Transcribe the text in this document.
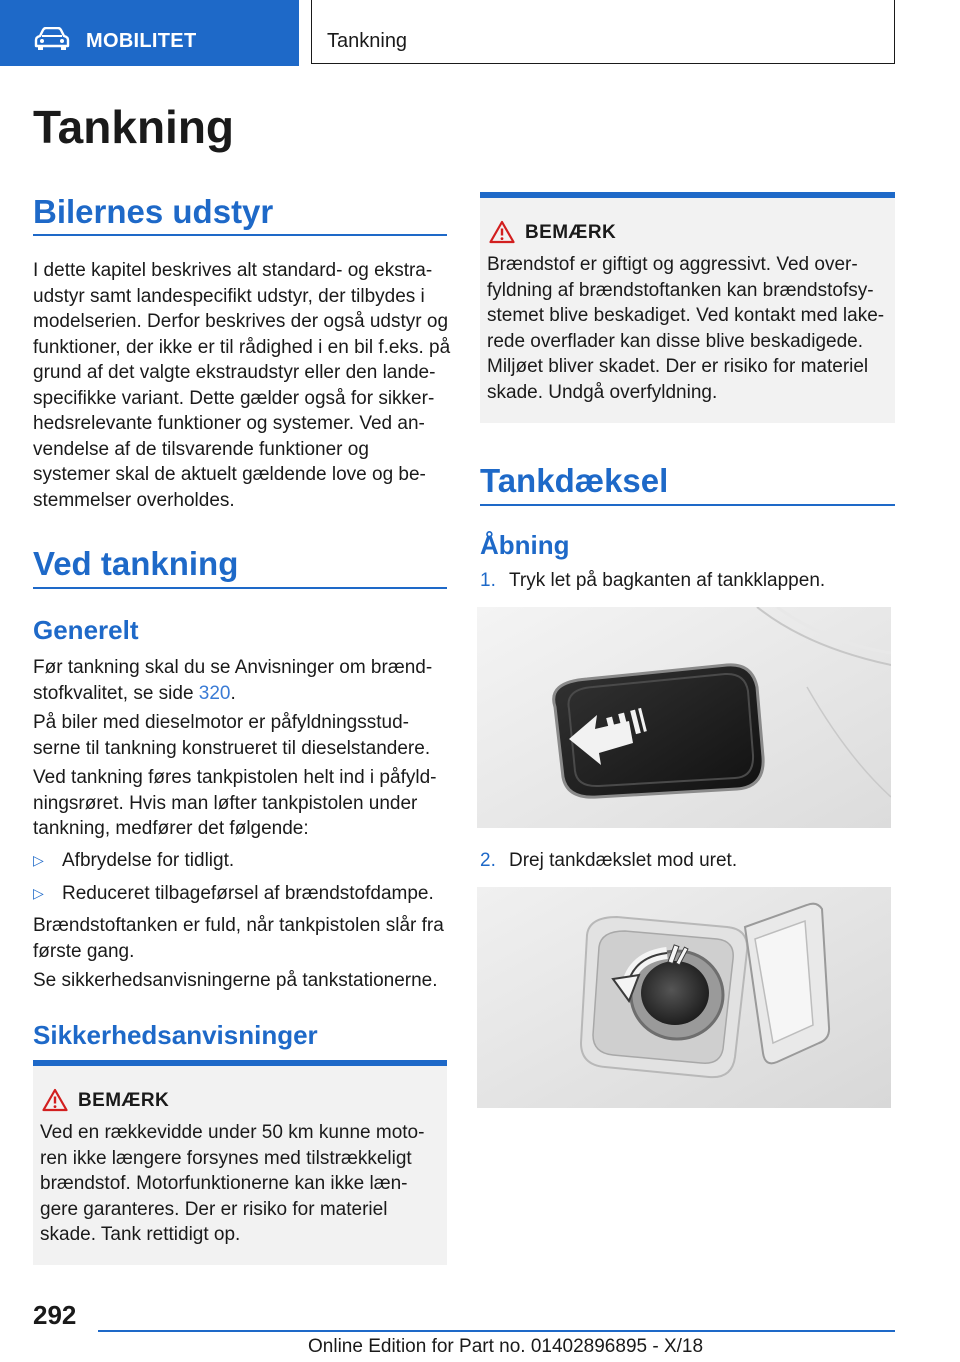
MOBILITET	Tankning
Tankning
Bilernes udstyr
I dette kapitel beskrives alt standard- og ekstra-
udstyr samt landespecifikt udstyr, der tilbydes i
modelserien. Derfor beskrives der også udstyr og
funktioner, der ikke er til rådighed i en bil f.eks. på
grund af det valgte ekstraudstyr eller den lande-
specifikke variant. Dette gælder også for sikker-
hedsrelevante funktioner og systemer. Ved an-
vendelse af de tilsvarende funktioner og
systemer skal de aktuelt gældende love og be-
stemmelser overholdes.
Ved tankning
Generelt
Før tankning skal du se Anvisninger om brænd-
stofkvalitet, se side 320.
På biler med dieselmotor er påfyldningsstud-
serne til tankning konstrueret til dieselstandere.
Ved tankning føres tankpistolen helt ind i påfyld-
ningsrøret. Hvis man løfter tankpistolen under
tankning, medfører det følgende:
▷ Afbrydelse for tidligt.
▷ Reduceret tilbageførsel af brændstofdampe.
Brændstoftanken er fuld, når tankpistolen slår fra
første gang.
Se sikkerhedsanvisningerne på tankstationerne.
Sikkerhedsanvisninger
BEMÆRK
Ved en rækkevidde under 50 km kunne moto-
ren ikke længere forsynes med tilstrækkeligt
brændstof. Motorfunktionerne kan ikke læn-
gere garanteres. Der er risiko for materiel
skade. Tank rettidigt op.
BEMÆRK
Brændstof er giftigt og aggressivt. Ved over-
fyldning af brændstoftanken kan brændstofsy-
stemet blive beskadiget. Ved kontakt med lake-
rede overflader kan disse blive beskadigede.
Miljøet bliver skadet. Der er risiko for materiel
skade. Undgå overfyldning.
Tankdæksel
Åbning
1. Tryk let på bagkanten af tankklappen.
2. Drej tankdækslet mod uret.
292
Online Edition for Part no. 01402896895 - X/18
